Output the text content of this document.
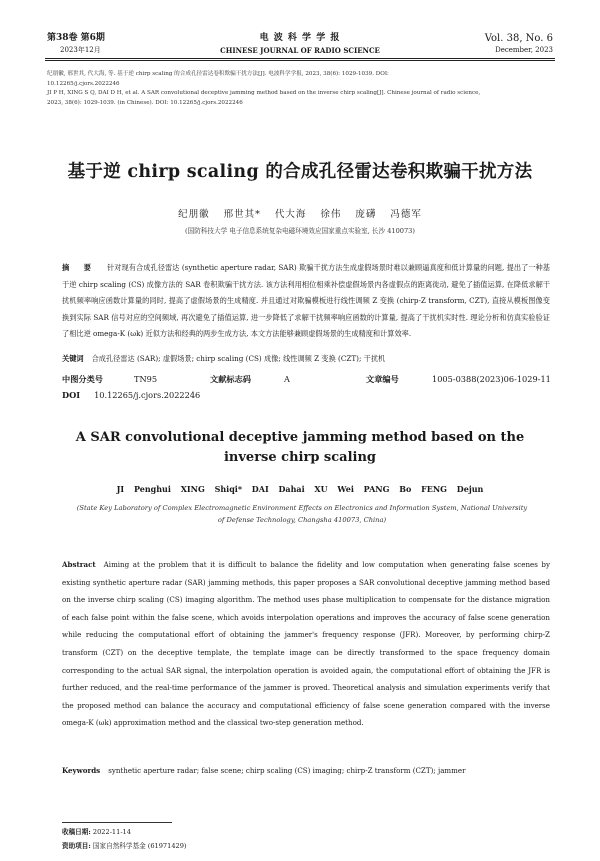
第38卷 第6期
2023年12月
电 波 科 学 学 报
CHINESE JOURNAL OF RADIO SCIENCE
Vol. 38, No. 6
December, 2023
纪朋徽, 邢世其, 代大海, 等. 基于逆 chirp scaling 的合成孔径雷达卷积欺骗干扰方法[J]. 电波科学学报, 2023, 38(6): 1029-1039. DOI:
10.12265/j.cjors.2022246
JI P H, XING S Q, DAI D H, et al. A SAR convolutional deceptive jamming method based on the inverse chirp scaling[J]. Chinese journal of radio science,
2023, 38(6): 1029-1039. (in Chinese). DOI: 10.12265/j.cjors.2022246
基于逆 chirp scaling 的合成孔径雷达卷积欺骗干扰方法
纪朋徽 邢世其* 代大海 徐伟 庞礴 冯德军
(国防科技大学 电子信息系统复杂电磁环境效应国家重点实验室, 长沙 410073)
摘 要 针对现有合成孔径雷达 (synthetic aperture radar, SAR) 欺骗干扰方法生成虚假场景时难以兼顾逼真度和低计算量的问题, 提出了一种基于逆 chirp scaling (CS) 成像方法的 SAR 卷积欺骗干扰方法. 该方法利用相位相乘补偿虚假场景内各虚假点的距离徙动, 避免了插值运算, 在降低求解干扰机频率响应函数计算量的同时, 提高了虚假场景的生成精度. 并且通过对欺骗模板进行线性调频 Z 变换 (chirp-Z transform, CZT), 直接从模板图像变换到实际 SAR 信号对应的空间频域, 再次避免了插值运算, 进一步降低了求解干扰频率响应函数的计算量, 提高了干扰机实时性. 理论分析和仿真实验验证了相比逆 omega-K (ωk) 近似方法和经典的两步生成方法, 本文方法能够兼顾虚假场景的生成精度和计算效率.
关键词 合成孔径雷达 (SAR); 虚假场景; chirp scaling (CS) 成像; 线性调频 Z 变换 (CZT); 干扰机
中图分类号	TN95	文献标志码	A	文章编号	1005-0388(2023)06-1029-11
DOI 10.12265/j.cjors.2022246
A SAR convolutional deceptive jamming method based on the
inverse chirp scaling
JI Penghui XING Shiqi* DAI Dahai XU Wei PANG Bo FENG Dejun
(State Key Laboratory of Complex Electromagnetic Environment Effects on Electronics and Information System, National University
of Defense Technology, Changsha 410073, China)
Abstract Aiming at the problem that it is difficult to balance the fidelity and low computation when generating false scenes by existing synthetic aperture radar (SAR) jamming methods, this paper proposes a SAR convolutional deceptive jamming method based on the inverse chirp scaling (CS) imaging algorithm. The method uses phase multiplication to compensate for the distance migration of each false point within the false scene, which avoids interpolation operations and improves the accuracy of false scene generation while reducing the computational effort of obtaining the jammer's frequency response (JFR). Moreover, by performing chirp-Z transform (CZT) on the deceptive template, the template image can be directly transformed to the space frequency domain corresponding to the actual SAR signal, the interpolation operation is avoided again, the computational effort of obtaining the JFR is further reduced, and the real-time performance of the jammer is proved. Theoretical analysis and simulation experiments verify that the proposed method can balance the accuracy and computational efficiency of false scene generation compared with the inverse omega-K (ωk) approximation method and the classical two-step generation method.
Keywords synthetic aperture radar; false scene; chirp scaling (CS) imaging; chirp-Z transform (CZT); jammer
收稿日期: 2022-11-14
资助项目: 国家自然科学基金 (61971429)
